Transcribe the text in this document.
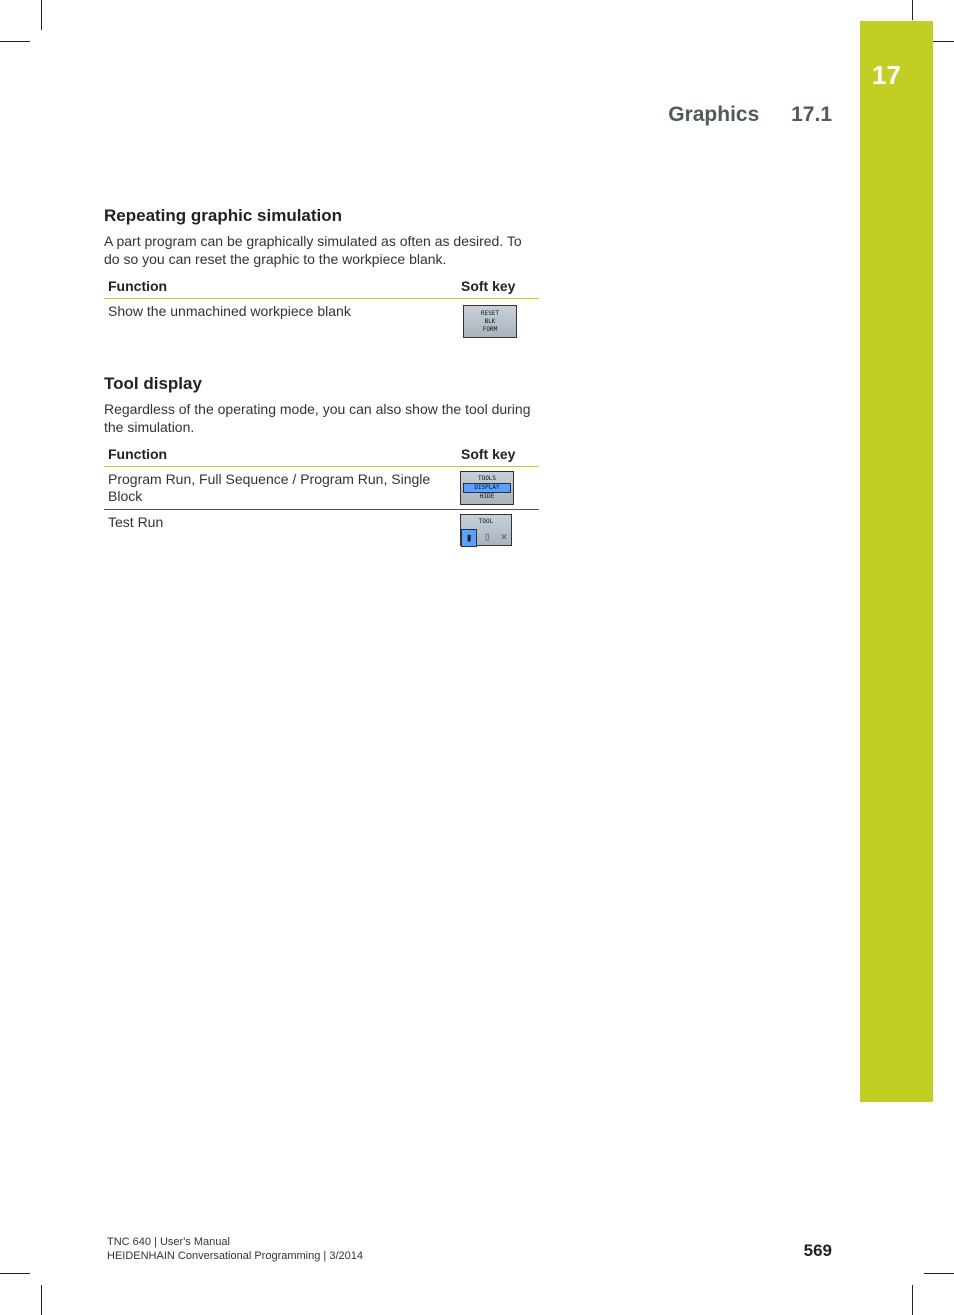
17
Graphics 17.1
Repeating graphic simulation

A part program can be graphically simulated as often as desired. To do so you can reset the graphic to the workpiece blank.

Function	Soft key
Show the unmachined workpiece blank	RESET
BLK
FORM
Tool display

Regardless of the operating mode, you can also show the tool during the simulation.

Function	Soft key
Program Run, Full Sequence / Program Run, Single Block	TOOLS
DISPLAY
HIDE

Test Run	TOOL
▮ ▯ ✕
TNC 640 | User's Manual
HEIDENHAIN Conversational Programming | 3/2014	569
